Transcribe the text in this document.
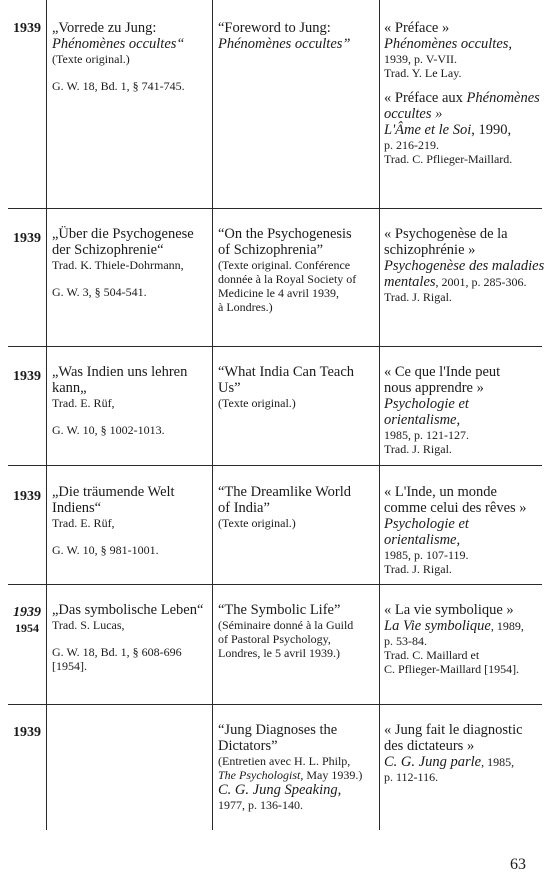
1939 „Vorrede zu Jung:
Phénomènes occultes“
(Texte original.)
G. W. 18, Bd. 1, § 741-745.
“Foreword to Jung:
Phénomènes occultes”
« Préface »
Phénomènes occultes,
1939, p. V-VII.
Trad. Y. Le Lay.
« Préface aux Phénomènes
occultes »
L'Âme et le Soi, 1990,
p. 216-219.
Trad. C. Pflieger-Maillard.
1939 „Über die Psychogenese
der Schizophrenie“
Trad. K. Thiele-Dohrmann,
G. W. 3, § 504-541.
“On the Psychogenesis
of Schizophrenia”
(Texte original. Conférence
donnée à la Royal Society of
Medicine le 4 avril 1939,
à Londres.)
« Psychogenèse de la
schizophrénie »
Psychogenèse des maladies
mentales, 2001, p. 285-306.
Trad. J. Rigal.
1939 „Was Indien uns lehren
kann„
Trad. E. Rüf,
G. W. 10, § 1002-1013.
“What India Can Teach
Us”
(Texte original.)
« Ce que l'Inde peut
nous apprendre »
Psychologie et orientalisme,
1985, p. 121-127.
Trad. J. Rigal.
1939 „Die träumende Welt
Indiens“
Trad. E. Rüf,
G. W. 10, § 981-1001.
“The Dreamlike World
of India”
(Texte original.)
« L'Inde, un monde
comme celui des rêves »
Psychologie et orientalisme,
1985, p. 107-119.
Trad. J. Rigal.
1939
1954
„Das symbolische Leben“
Trad. S. Lucas,
G. W. 18, Bd. 1, § 608-696
[1954].
“The Symbolic Life”
(Séminaire donné à la Guild
of Pastoral Psychology,
Londres, le 5 avril 1939.)
« La vie symbolique »
La Vie symbolique, 1989,
p. 53-84.
Trad. C. Maillard et
C. Pflieger-Maillard [1954].
1939	“Jung Diagnoses the
Dictators”
(Entretien avec H. L. Philp,
The Psychologist, May 1939.)
C. G. Jung Speaking,
1977, p. 136-140.
« Jung fait le diagnostic
des dictateurs »
C. G. Jung parle, 1985,
p. 112-116.
63
